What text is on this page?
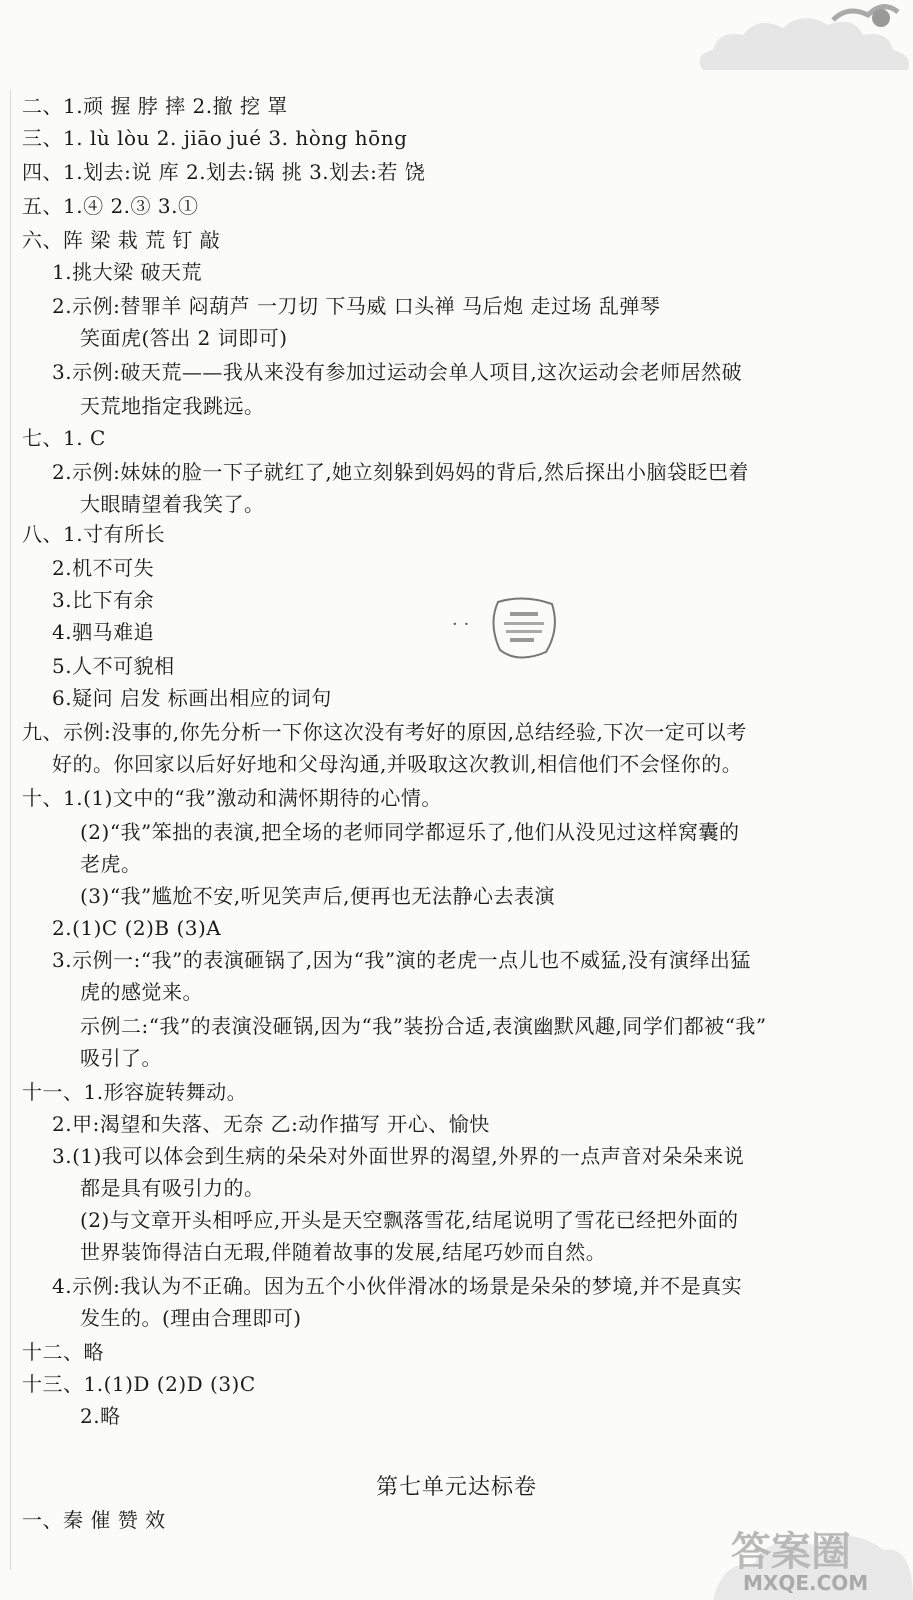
二、1.顽 握 脖 摔 2.撤 挖 罩
三、1. lù lòu 2. jiāo jué 3. hòng hōng
四、1.划去:说 库 2.划去:锅 挑 3.划去:若 饶
五、1.④ 2.③ 3.①
六、阵 梁 栽 荒 钉 敲
1.挑大梁 破天荒
2.示例:替罪羊 闷葫芦 一刀切 下马威 口头禅 马后炮 走过场 乱弹琴
笑面虎(答出 2 词即可)
3.示例:破天荒——我从来没有参加过运动会单人项目,这次运动会老师居然破
天荒地指定我跳远。
七、1. C
2.示例:妹妹的脸一下子就红了,她立刻躲到妈妈的背后,然后探出小脑袋眨巴着
大眼睛望着我笑了。
八、1.寸有所长
2.机不可失
3.比下有余
4.驷马难追
5.人不可貌相
6.疑问 启发 标画出相应的词句
九、示例:没事的,你先分析一下你这次没有考好的原因,总结经验,下次一定可以考
好的。你回家以后好好地和父母沟通,并吸取这次教训,相信他们不会怪你的。
十、1.(1)文中的“我”激动和满怀期待的心情。
(2)“我”笨拙的表演,把全场的老师同学都逗乐了,他们从没见过这样窝囊的
老虎。
(3)“我”尴尬不安,听见笑声后,便再也无法静心去表演
2.(1)C (2)B (3)A
3.示例一:“我”的表演砸锅了,因为“我”演的老虎一点儿也不威猛,没有演绎出猛
虎的感觉来。
示例二:“我”的表演没砸锅,因为“我”装扮合适,表演幽默风趣,同学们都被“我”
吸引了。
十一、1.形容旋转舞动。
2.甲:渴望和失落、无奈 乙:动作描写 开心、愉快
3.(1)我可以体会到生病的朵朵对外面世界的渴望,外界的一点声音对朵朵来说
都是具有吸引力的。
(2)与文章开头相呼应,开头是天空飘落雪花,结尾说明了雪花已经把外面的
世界装饰得洁白无瑕,伴随着故事的发展,结尾巧妙而自然。
4.示例:我认为不正确。因为五个小伙伴滑冰的场景是朵朵的梦境,并不是真实
发生的。(理由合理即可)
十二、略
十三、1.(1)D (2)D (3)C
2.略
一、秦 催 赞 效
· ·
第七单元达标卷
答案圈
MXQE.COM
